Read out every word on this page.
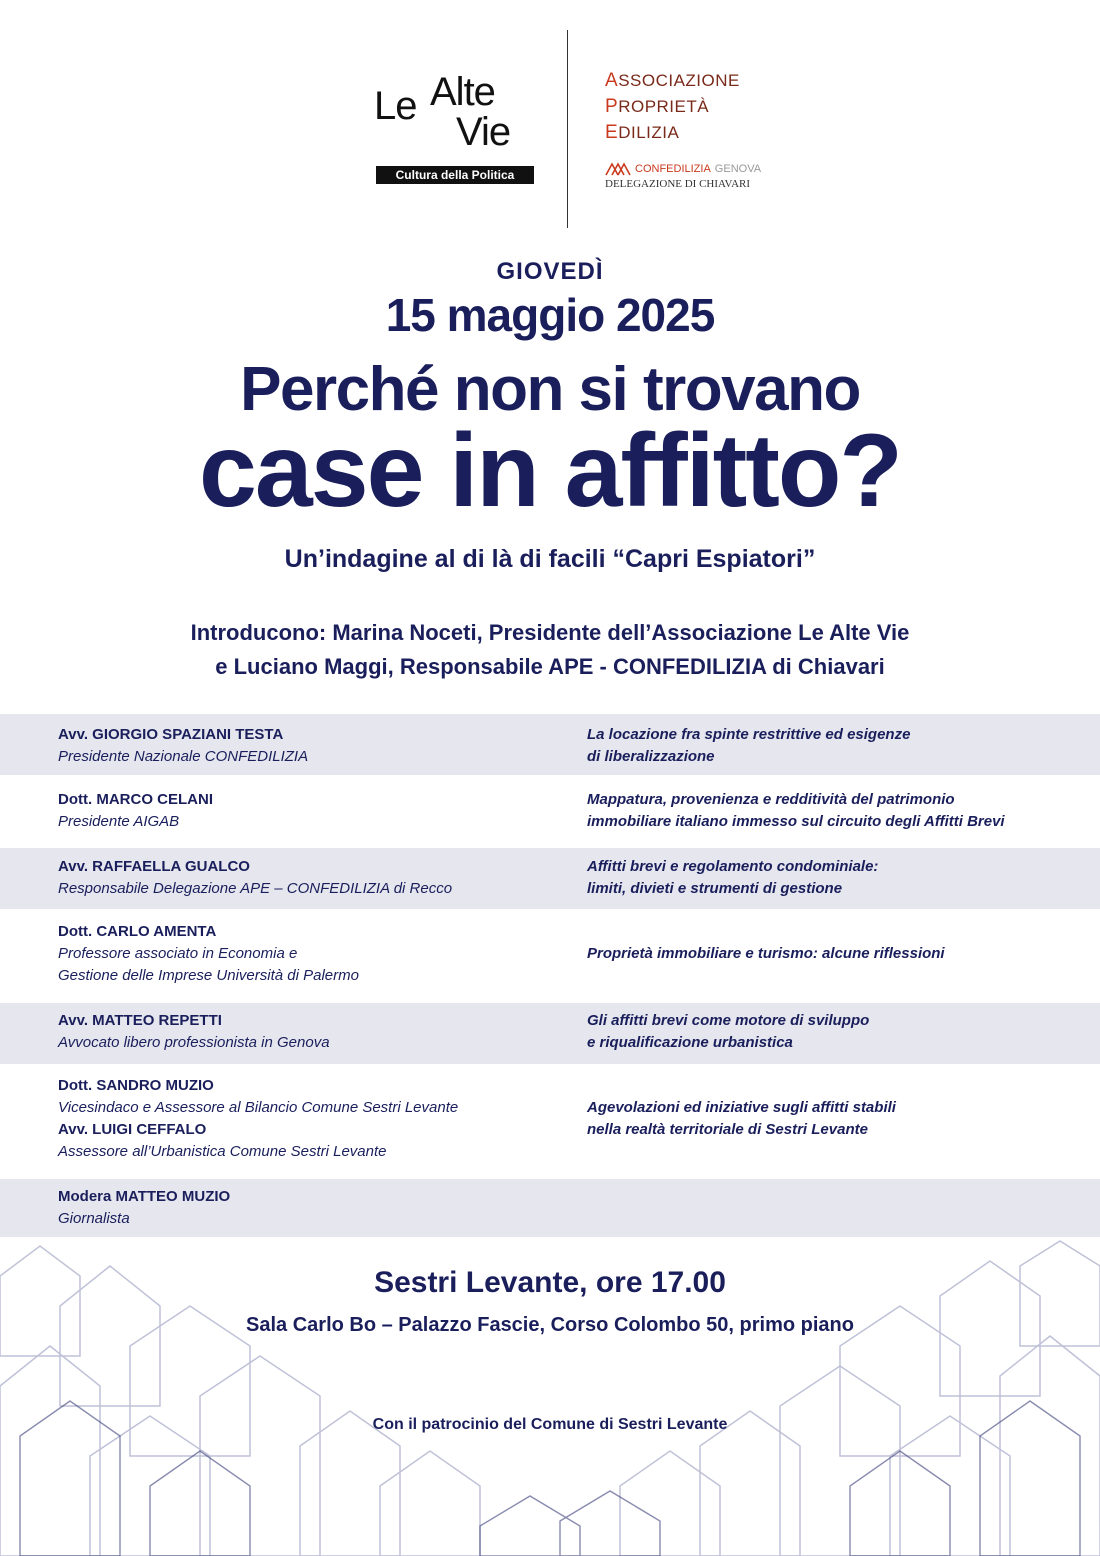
Le Alte
Vie
Cultura della Politica
ASSOCIAZIONE
PROPRIETÀ
EDILIZIA
CONFEDILIZIA GENOVA
DELEGAZIONE DI CHIAVARI
GIOVEDÌ
15 maggio 2025
Perché non si trovano
case in affitto?
Un’indagine al di là di facili “Capri Espiatori”
Introducono: Marina Noceti, Presidente dell’Associazione Le Alte Vie
e Luciano Maggi, Responsabile APE - CONFEDILIZIA di Chiavari
Avv. GIORGIO SPAZIANI TESTA
Presidente Nazionale CONFEDILIZIA
La locazione fra spinte restrittive ed esigenze
di liberalizzazione
Dott. MARCO CELANI
Presidente AIGAB
Mappatura, provenienza e redditività del patrimonio
immobiliare italiano immesso sul circuito degli Affitti Brevi
Avv. RAFFAELLA GUALCO
Responsabile Delegazione APE – CONFEDILIZIA di Recco
Affitti brevi e regolamento condominiale:
limiti, divieti e strumenti di gestione
Dott. CARLO AMENTA
Professore associato in Economia e
Gestione delle Imprese Università di Palermo
Proprietà immobiliare e turismo: alcune riflessioni
Avv. MATTEO REPETTI
Avvocato libero professionista in Genova
Gli affitti brevi come motore di sviluppo
e riqualificazione urbanistica
Dott. SANDRO MUZIO
Vicesindaco e Assessore al Bilancio Comune Sestri Levante
Avv. LUIGI CEFFALO
Assessore all’Urbanistica Comune Sestri Levante
Agevolazioni ed iniziative sugli affitti stabili
nella realtà territoriale di Sestri Levante
Modera MATTEO MUZIO
Giornalista
Sestri Levante, ore 17.00
Sala Carlo Bo – Palazzo Fascie, Corso Colombo 50, primo piano
Con il patrocinio del Comune di Sestri Levante
